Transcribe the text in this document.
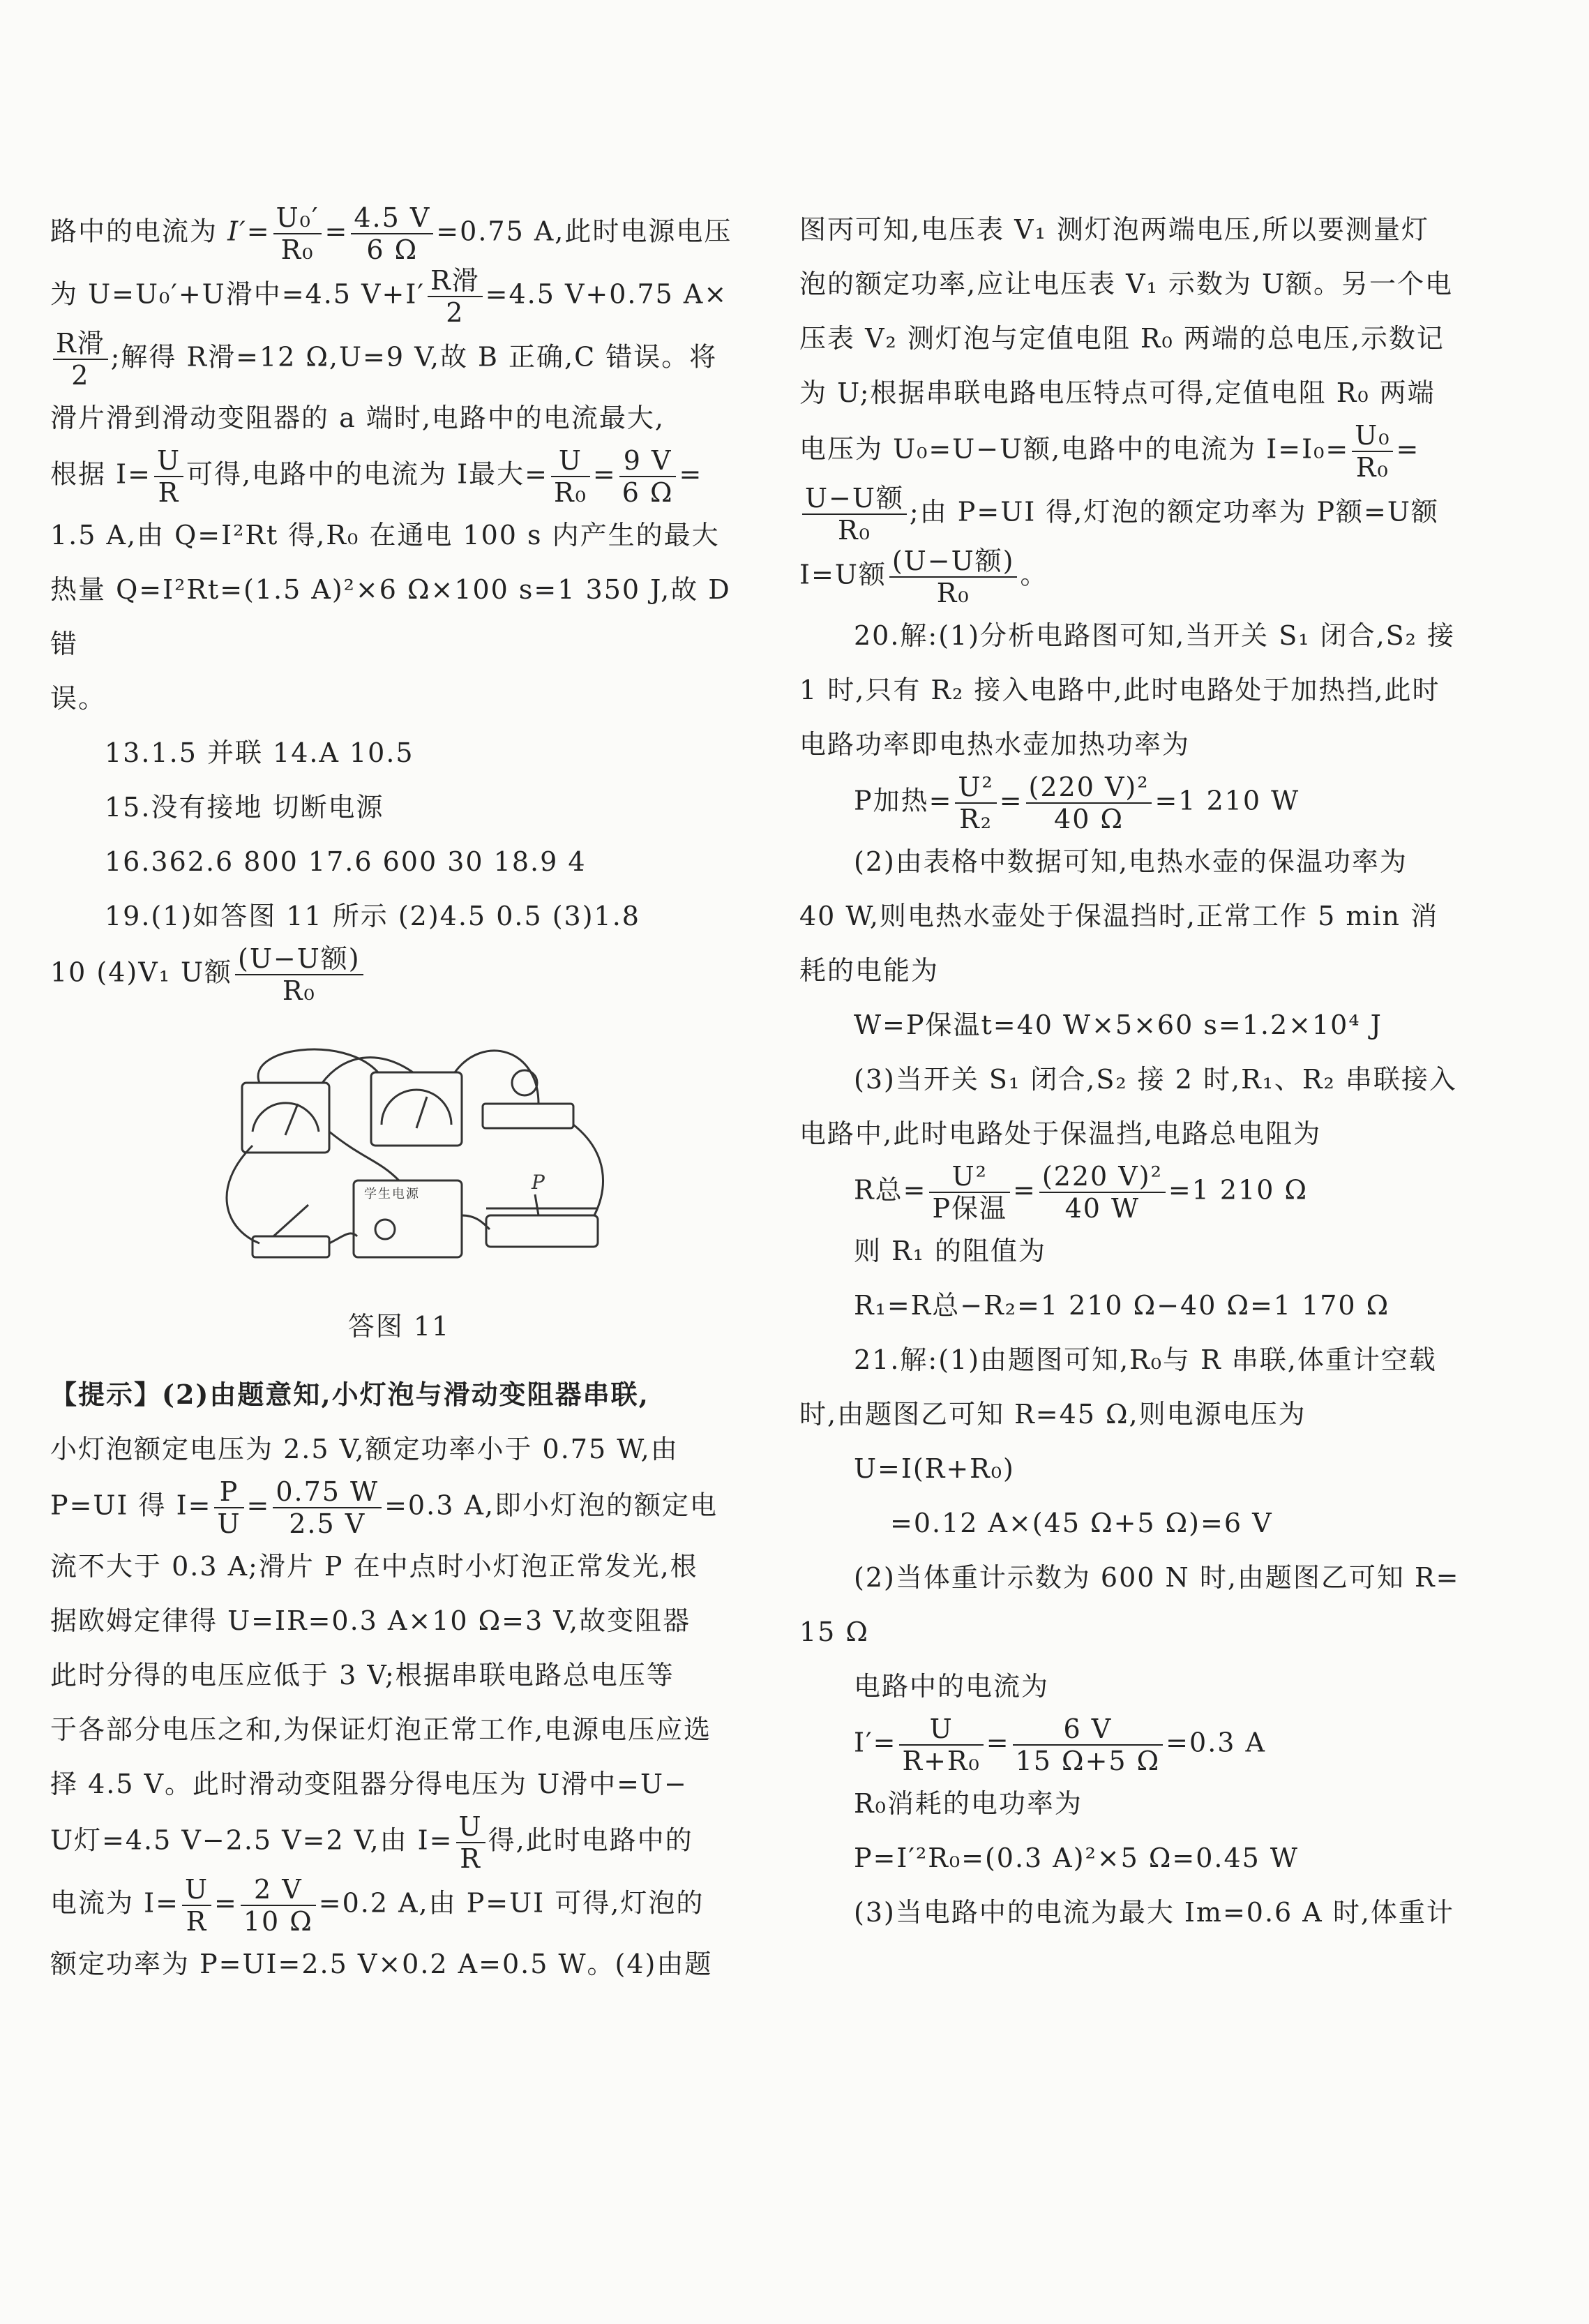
路中的电流为 $I'= \frac{\text{U₀′}}{\text{R₀}} = \frac{4.5 V}{6 \Omega} =0.75$ A,此时电源电压

为 U=U₀′+U滑中=4.5 $V+I' \frac{\text{R滑}}{2} =4.5$ V+0.75 A×

$\frac{\text{R滑}}{2}$ ;解得 R滑=12 Ω,U=9 V,故 B 正确,C 错误。将

滑片滑到滑动变阻器的 a 端时,电路中的电流最大,

根据 $I= \frac{U}{R}$ 可得,电路中的电流为 I最大= $\frac{U}{\text{R₀}} = \frac{9 V}{6 \Omega}$ =

1.5 A,由 Q=I²Rt 得,R₀ 在通电 100 s 内产生的最大

热量 Q=I²Rt=(1.5 A)²×6 Ω×100 s=1 350 J,故 D 错

误。

13.1.5 并联 14.A 10.5

15.没有接地 切断电源

16.362.6 800 17.6 600 30 18.9 4

19.(1)如答图 11 所示 (2)4.5 0.5 (3)1.8

10 (4)V₁ U额 $\frac{\text{(U−U额)}}{\text{R₀}}$

学生电源
P

答图 11

【提示】(2)由题意知,小灯泡与滑动变阻器串联,

小灯泡额定电压为 2.5 V,额定功率小于 0.75 W,由

P=UI 得 $I= \frac{P}{U} = \frac{0.75 W}{2.5 V} =0.3$ A,即小灯泡的额定电

流不大于 0.3 A;滑片 P 在中点时小灯泡正常发光,根

据欧姆定律得 U=IR=0.3 A×10 Ω=3 V,故变阻器

此时分得的电压应低于 3 V;根据串联电路总电压等

于各部分电压之和,为保证灯泡正常工作,电源电压应选

择 4.5 V。此时滑动变阻器分得电压为 U滑中=U−

U灯=4.5 V−2.5 V=2 V,由 $I= \frac{U}{R}$ 得,此时电路中的

电流为 $I= \frac{U}{R} = \frac{2 V}{10 \Omega} =0.2$ A,由 P=UI 可得,灯泡的

额定功率为 P=UI=2.5 V×0.2 A=0.5 W。(4)由题

图丙可知,电压表 V₁ 测灯泡两端电压,所以要测量灯

泡的额定功率,应让电压表 V₁ 示数为 U额。另一个电

压表 V₂ 测灯泡与定值电阻 R₀ 两端的总电压,示数记

为 U;根据串联电路电压特点可得,定值电阻 R₀ 两端

电压为 U₀=U−U额,电路中的电流为 $I=I_0= \frac{\text{U₀}}{\text{R₀}}$ =

$\frac{\text{U−U额}}{\text{R₀}}$ ;由 P=UI 得,灯泡的额定功率为 P额=U额

I=U额 $\frac{\text{(U−U额)}}{\text{R₀}}$ 。

20.解:(1)分析电路图可知,当开关 S₁ 闭合,S₂ 接

1 时,只有 R₂ 接入电路中,此时电路处于加热挡,此时

电路功率即电热水壶加热功率为

P加热= $\frac{\text{U²}}{\text{R₂}} = \frac{\text{(220 V)²}}{40 \Omega} =1$ 210 W

(2)由表格中数据可知,电热水壶的保温功率为

40 W,则电热水壶处于保温挡时,正常工作 5 min 消

耗的电能为

W=P保温t=40 W×5×60 s=1.2×10⁴ J

(3)当开关 S₁ 闭合,S₂ 接 2 时,R₁、R₂ 串联接入

电路中,此时电路处于保温挡,电路总电阻为

R总= $\frac{\text{U²}}{\text{P保温}} = \frac{\text{(220 V)²}}{40 W} =1$ 210 Ω

则 R₁ 的阻值为

R₁=R总−R₂=1 210 Ω−40 Ω=1 170 Ω

21.解:(1)由题图可知,R₀与 R 串联,体重计空载

时,由题图乙可知 R=45 Ω,则电源电压为

U=I(R+R₀)

=0.12 A×(45 Ω+5 Ω)=6 V

(2)当体重计示数为 600 N 时,由题图乙可知 R=

15 Ω

电路中的电流为

$I'= \frac{U}{\text{R+R₀}} = \frac{6 V}{15 \Omega+5 \Omega} =0.3$ A

R₀消耗的电功率为

P=I′²R₀=(0.3 A)²×5 Ω=0.45 W

(3)当电路中的电流为最大 Im=0.6 A 时,体重计
